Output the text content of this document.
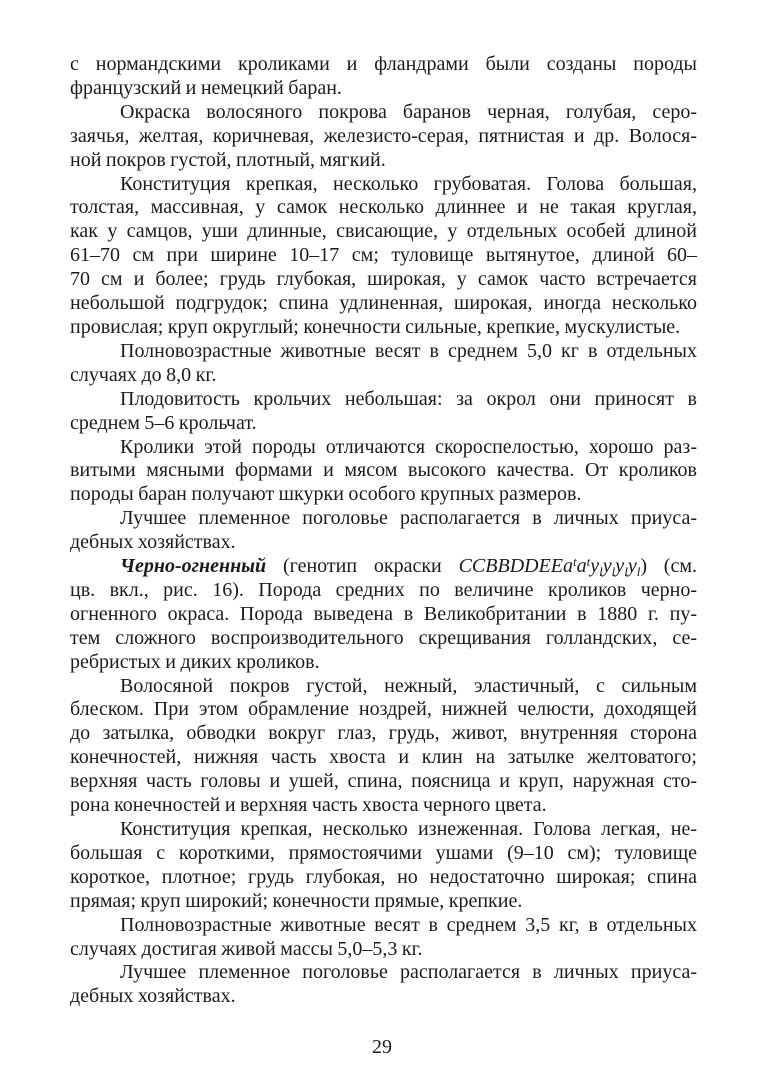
с нормандскими кроликами и фландрами были созданы породы
французский и немецкий баран.
Окраска волосяного покрова баранов черная, голубая, серо-
заячья, желтая, коричневая, железисто-серая, пятнистая и др. Волося-
ной покров густой, плотный, мягкий.
Конституция крепкая, несколько грубоватая. Голова большая,
толстая, массивная, у самок несколько длиннее и не такая круглая,
как у самцов, уши длинные, свисающие, у отдельных особей длиной
61–70 см при ширине 10–17 см; туловище вытянутое, длиной 60–
70 см и более; грудь глубокая, широкая, у самок часто встречается
небольшой подгрудок; спина удлиненная, широкая, иногда несколько
провислая; круп округлый; конечности сильные, крепкие, мускулистые.
Полновозрастные животные весят в среднем 5,0 кг в отдельных
случаях до 8,0 кг.
Плодовитость крольчих небольшая: за окрол они приносят в
среднем 5–6 крольчат.
Кролики этой породы отличаются скороспелостью, хорошо раз-
витыми мясными формами и мясом высокого качества. От кроликов
породы баран получают шкурки особого крупных размеров.
Лучшее племенное поголовье располагается в личных приуса-
дебных хозяйствах.
Черно-огненный (генотип окраски $CCBBDDEEa^ta^ty_ly_ly_ly_l$) (см.
цв. вкл., рис. 16). Порода средних по величине кроликов черно-
огненного окраса. Порода выведена в Великобритании в 1880 г. пу-
тем сложного воспроизводительного скрещивания голландских, се-
ребристых и диких кроликов.
Волосяной покров густой, нежный, эластичный, с сильным
блеском. При этом обрамление ноздрей, нижней челюсти, доходящей
до затылка, обводки вокруг глаз, грудь, живот, внутренняя сторона
конечностей, нижняя часть хвоста и клин на затылке желтоватого;
верхняя часть головы и ушей, спина, поясница и круп, наружная сто-
рона конечностей и верхняя часть хвоста черного цвета.
Конституция крепкая, несколько изнеженная. Голова легкая, не-
большая с короткими, прямостоячими ушами (9–10 см); туловище
короткое, плотное; грудь глубокая, но недостаточно широкая; спина
прямая; круп широкий; конечности прямые, крепкие.
Полновозрастные животные весят в среднем 3,5 кг, в отдельных
случаях достигая живой массы 5,0–5,3 кг.
Лучшее племенное поголовье располагается в личных приуса-
дебных хозяйствах.
29
